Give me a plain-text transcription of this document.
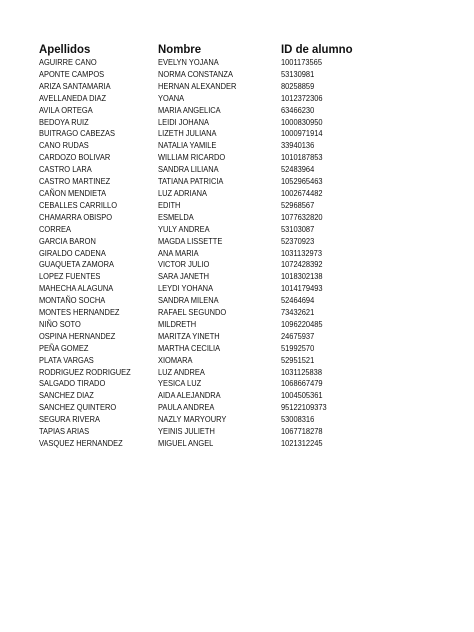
Apellidos	Nombre	ID de alumno
AGUIRRE CANO	EVELYN YOJANA	1001173565
APONTE CAMPOS	NORMA CONSTANZA	53130981
ARIZA SANTAMARIA	HERNAN ALEXANDER	80258859
AVELLANEDA DIAZ	YOANA	1012372306
AVILA ORTEGA	MARIA ANGELICA	63466230
BEDOYA RUIZ	LEIDI JOHANA	1000830950
BUITRAGO CABEZAS	LIZETH JULIANA	1000971914
CANO RUDAS	NATALIA YAMILE	33940136
CARDOZO BOLIVAR	WILLIAM RICARDO	1010187853
CASTRO LARA	SANDRA LILIANA	52483964
CASTRO MARTINEZ	TATIANA PATRICIA	1052965463
CAÑON MENDIETA	LUZ ADRIANA	1002674482
CEBALLES CARRILLO	EDITH	52968567
CHAMARRA OBISPO	ESMELDA	1077632820
CORREA	YULY ANDREA	53103087
GARCIA BARON	MAGDA LISSETTE	52370923
GIRALDO CADENA	ANA MARIA	1031132973
GUAQUETA ZAMORA	VICTOR JULIO	1072428392
LOPEZ FUENTES	SARA JANETH	1018302138
MAHECHA ALAGUNA	LEYDI YOHANA	1014179493
MONTAÑO SOCHA	SANDRA MILENA	52464694
MONTES HERNANDEZ	RAFAEL SEGUNDO	73432621
NIÑO SOTO	MILDRETH	1096220485
OSPINA HERNANDEZ	MARITZA YINETH	24675937
PEÑA GOMEZ	MARTHA CECILIA	51992570
PLATA VARGAS	XIOMARA	52951521
RODRIGUEZ RODRIGUEZ	LUZ ANDREA	1031125838
SALGADO TIRADO	YESICA LUZ	1068667479
SANCHEZ DIAZ	AIDA ALEJANDRA	1004505361
SANCHEZ QUINTERO	PAULA ANDREA	95122109373
SEGURA RIVERA	NAZLY MARYOURY	53008316
TAPIAS ARIAS	YEINIS JULIETH	1067718278
VASQUEZ HERNANDEZ	MIGUEL ANGEL	1021312245
